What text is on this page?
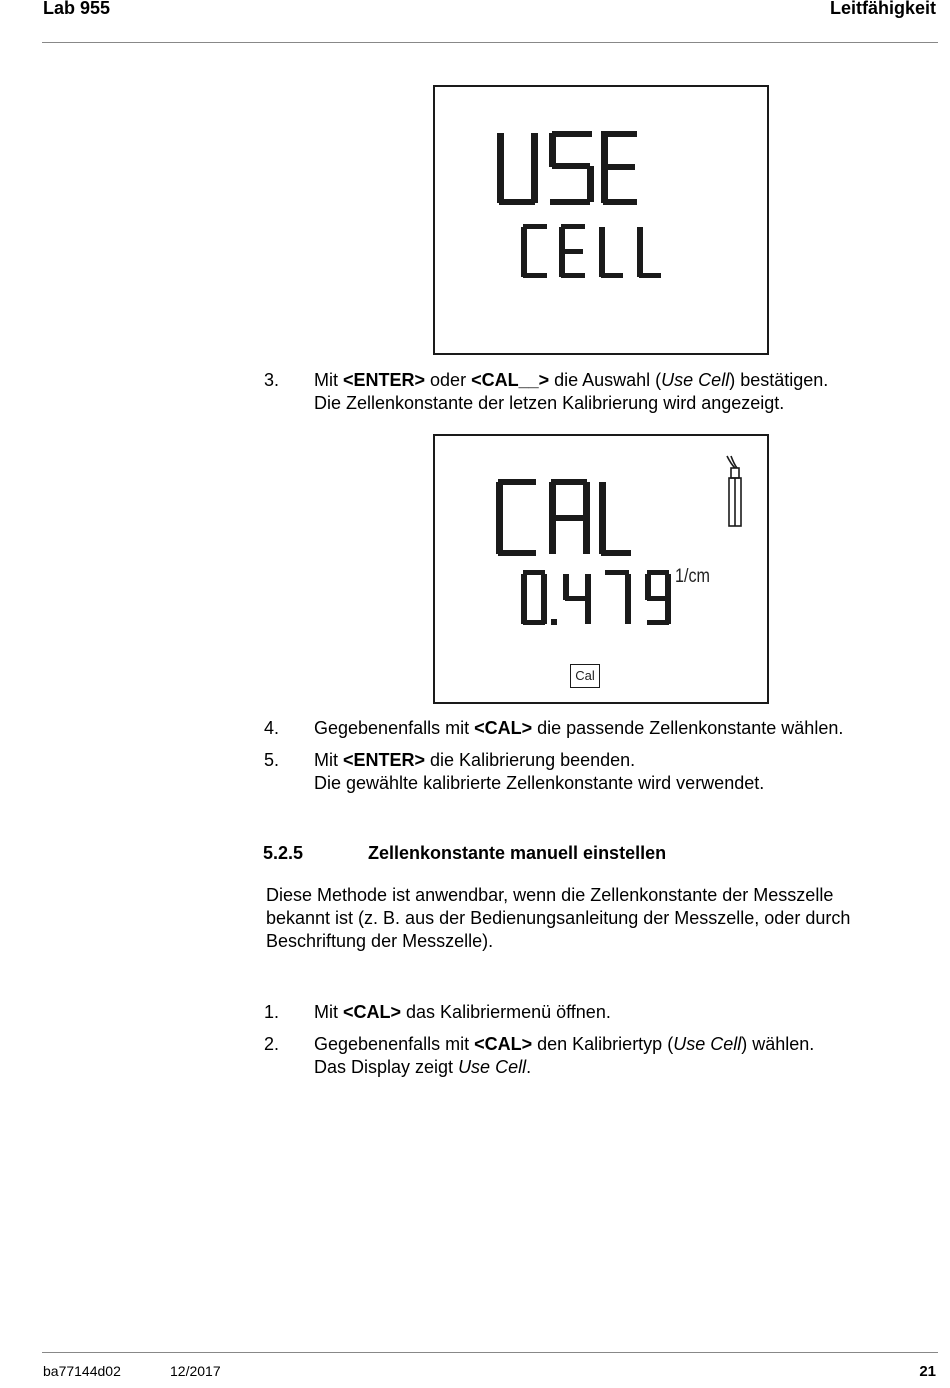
Lab 955	Leitfähigkeit
3. Mit <ENTER> oder <CAL__> die Auswahl (Use Cell) bestätigen.
Die Zellenkonstante der letzen Kalibrierung wird angezeigt.
1/cm
Cal
4. Gegebenenfalls mit <CAL> die passende Zellenkonstante wählen.
5. Mit <ENTER> die Kalibrierung beenden.
Die gewählte kalibrierte Zellenkonstante wird verwendet.
5.2.5	Zellenkonstante manuell einstellen
Diese Methode ist anwendbar, wenn die Zellenkonstante der Messzelle
bekannt ist (z. B. aus der Bedienungsanleitung der Messzelle, oder durch
Beschriftung der Messzelle).
1. Mit <CAL> das Kalibriermenü öffnen.
2. Gegebenenfalls mit <CAL> den Kalibriertyp (Use Cell) wählen.
Das Display zeigt Use Cell.
ba77144d02	12/2017	21
